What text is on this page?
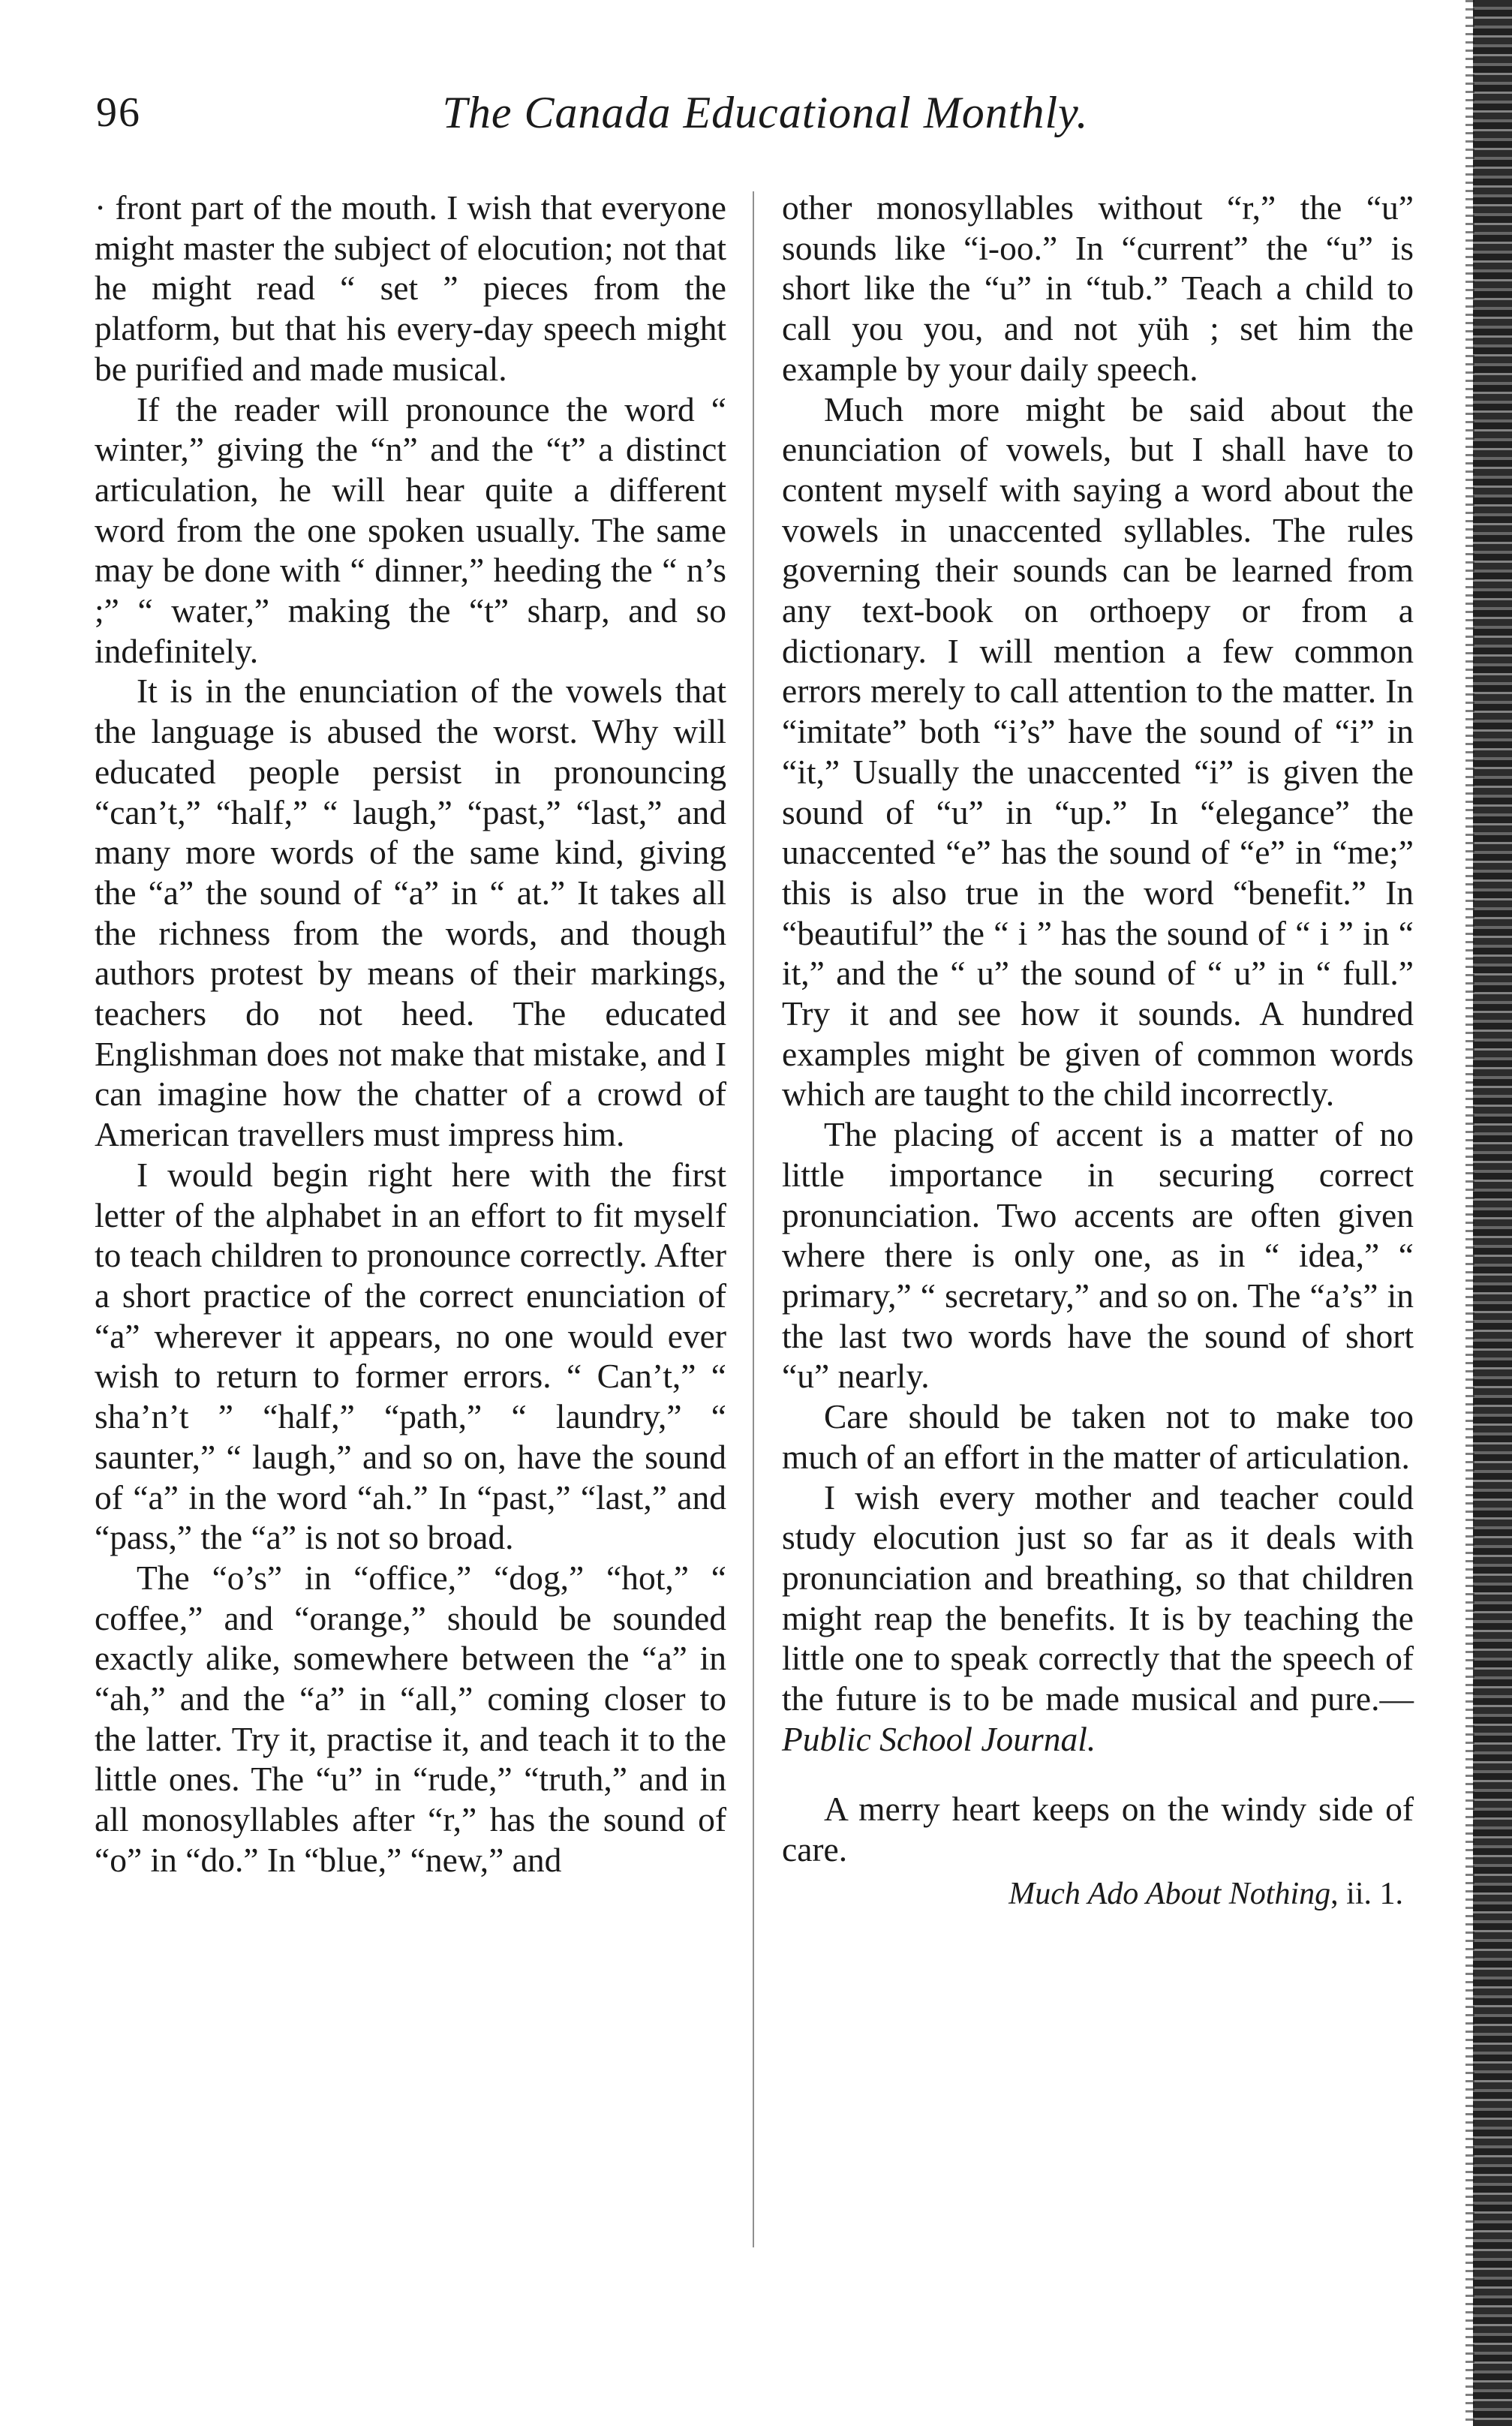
96	The Canada Educational Monthly.

· front part of the mouth. I wish that everyone might master the subject of elocution; not that he might read “ set ” pieces from the platform, but that his every-day speech might be purified and made musical.

If the reader will pronounce the word “ winter,” giving the “n” and the “t” a distinct articulation, he will hear quite a different word from the one spoken usually. The same may be done with “ dinner,” heeding the “ n’s ;” “ water,” making the “t” sharp, and so indefinitely.

It is in the enunciation of the vowels that the language is abused the worst. Why will educated people persist in pronouncing “can’t,” “half,” “ laugh,” “past,” “last,” and many more words of the same kind, giving the “a” the sound of “a” in “ at.” It takes all the richness from the words, and though authors protest by means of their markings, teachers do not heed. The educated Englishman does not make that mistake, and I can imagine how the chatter of a crowd of American travellers must impress him.

I would begin right here with the first letter of the alphabet in an effort to fit myself to teach children to pronounce correctly. After a short practice of the correct enunciation of “a” wherever it appears, no one would ever wish to return to former errors. “ Can’t,” “ sha’n’t ” “half,” “path,” “ laundry,” “ saunter,” “ laugh,” and so on, have the sound of “a” in the word “ah.” In “past,” “last,” and “pass,” the “a” is not so broad.

The “o’s” in “office,” “dog,” “hot,” “ coffee,” and “orange,” should be sounded exactly alike, somewhere between the “a” in “ah,” and the “a” in “all,” coming closer to the latter. Try it, practise it, and teach it to the little ones. The “u” in “rude,” “truth,” and in all monosyllables after “r,” has the sound of “o” in “do.” In “blue,” “new,” and

other monosyllables without “r,” the “u” sounds like “i-oo.” In “current” the “u” is short like the “u” in “tub.” Teach a child to call you you, and not yüh ; set him the example by your daily speech.

Much more might be said about the enunciation of vowels, but I shall have to content myself with saying a word about the vowels in unaccented syllables. The rules governing their sounds can be learned from any text-book on orthoepy or from a dictionary. I will mention a few common errors merely to call attention to the matter. In “imitate” both “i’s” have the sound of “i” in “it,” Usually the unaccented “i” is given the sound of “u” in “up.” In “elegance” the unaccented “e” has the sound of “e” in “me;” this is also true in the word “benefit.” In “beautiful” the “ i ” has the sound of “ i ” in “ it,” and the “ u” the sound of “ u” in “ full.” Try it and see how it sounds. A hundred examples might be given of common words which are taught to the child incorrectly.

The placing of accent is a matter of no little importance in securing correct pronunciation. Two accents are often given where there is only one, as in “ idea,” “ primary,” “ secretary,” and so on. The “a’s” in the last two words have the sound of short “u” nearly.

Care should be taken not to make too much of an effort in the matter of articulation.

I wish every mother and teacher could study elocution just so far as it deals with pronunciation and breathing, so that children might reap the benefits. It is by teaching the little one to speak correctly that the speech of the future is to be made musical and pure.—Public School Journal.

A merry heart keeps on the windy side of care.

Much Ado About Nothing, ii. 1.
